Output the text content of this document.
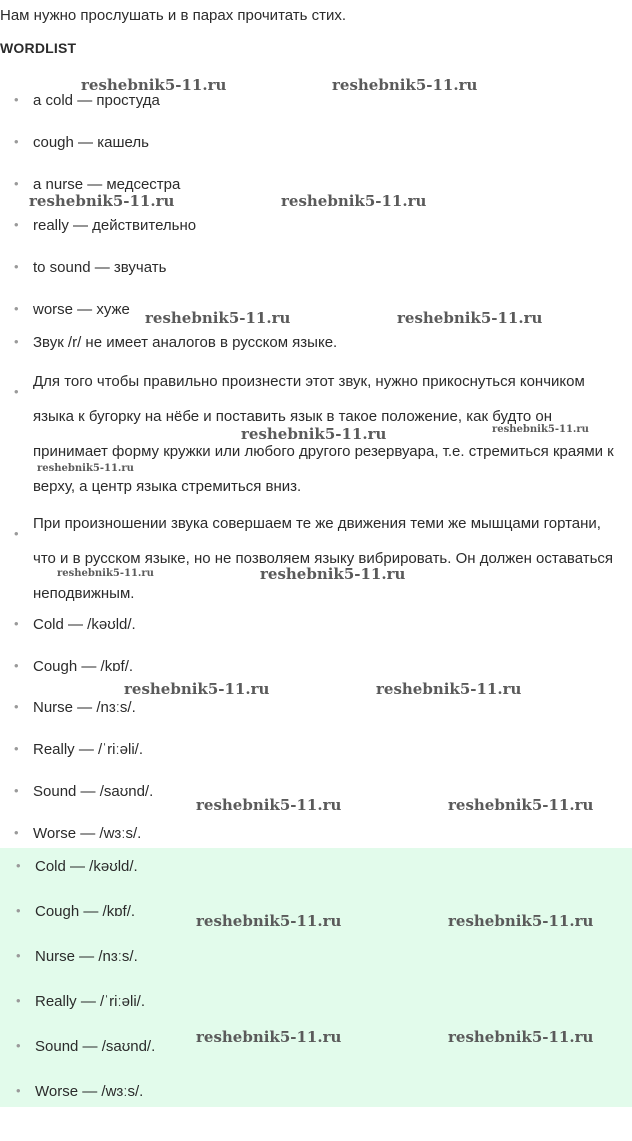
Нам нужно прослушать и в парах прочитать стих.

WORDLIST

• a cold — простуда
• cough — кашель
• a nurse — медсестра
• really — действительно
• to sound — звучать
• worse — хуже
• Звук /r/ не имеет аналогов в русском языке.
•
Для того чтобы правильно произнести этот звук, нужно прикоснуться кончиком языка к бугорку на нёбе и поставить язык в такое положение, как будто он принимает форму кружки или любого другого резервуара, т.е. стремиться краями к верху, а центр языка стремиться вниз.
•
При произношении звука совершаем те же движения теми же мышцами гортани, что и в русском языке, но не позволяем языку вибрировать. Он должен оставаться неподвижным.
• Cold — /kəʊld/.
• Cough — /kɒf/.
• Nurse — /nɜːs/.
• Really — /ˈriːəli/.
• Sound — /saʊnd/.
• Worse — /wɜːs/.
• Cold — /kəʊld/.
• Cough — /kɒf/.
• Nurse — /nɜːs/.
• Really — /ˈriːəli/.
• Sound — /saʊnd/.
• Worse — /wɜːs/.
reshebnik5-11.ru	reshebnik5-11.ru
reshebnik5-11.ru	reshebnik5-11.ru
reshebnik5-11.ru	reshebnik5-11.ru
reshebnik5-11.ru	reshebnik5-11.ru
reshebnik5-11.ru
reshebnik5-11.ru	reshebnik5-11.ru
reshebnik5-11.ru	reshebnik5-11.ru
reshebnik5-11.ru	reshebnik5-11.ru
reshebnik5-11.ru	reshebnik5-11.ru
reshebnik5-11.ru	reshebnik5-11.ru
